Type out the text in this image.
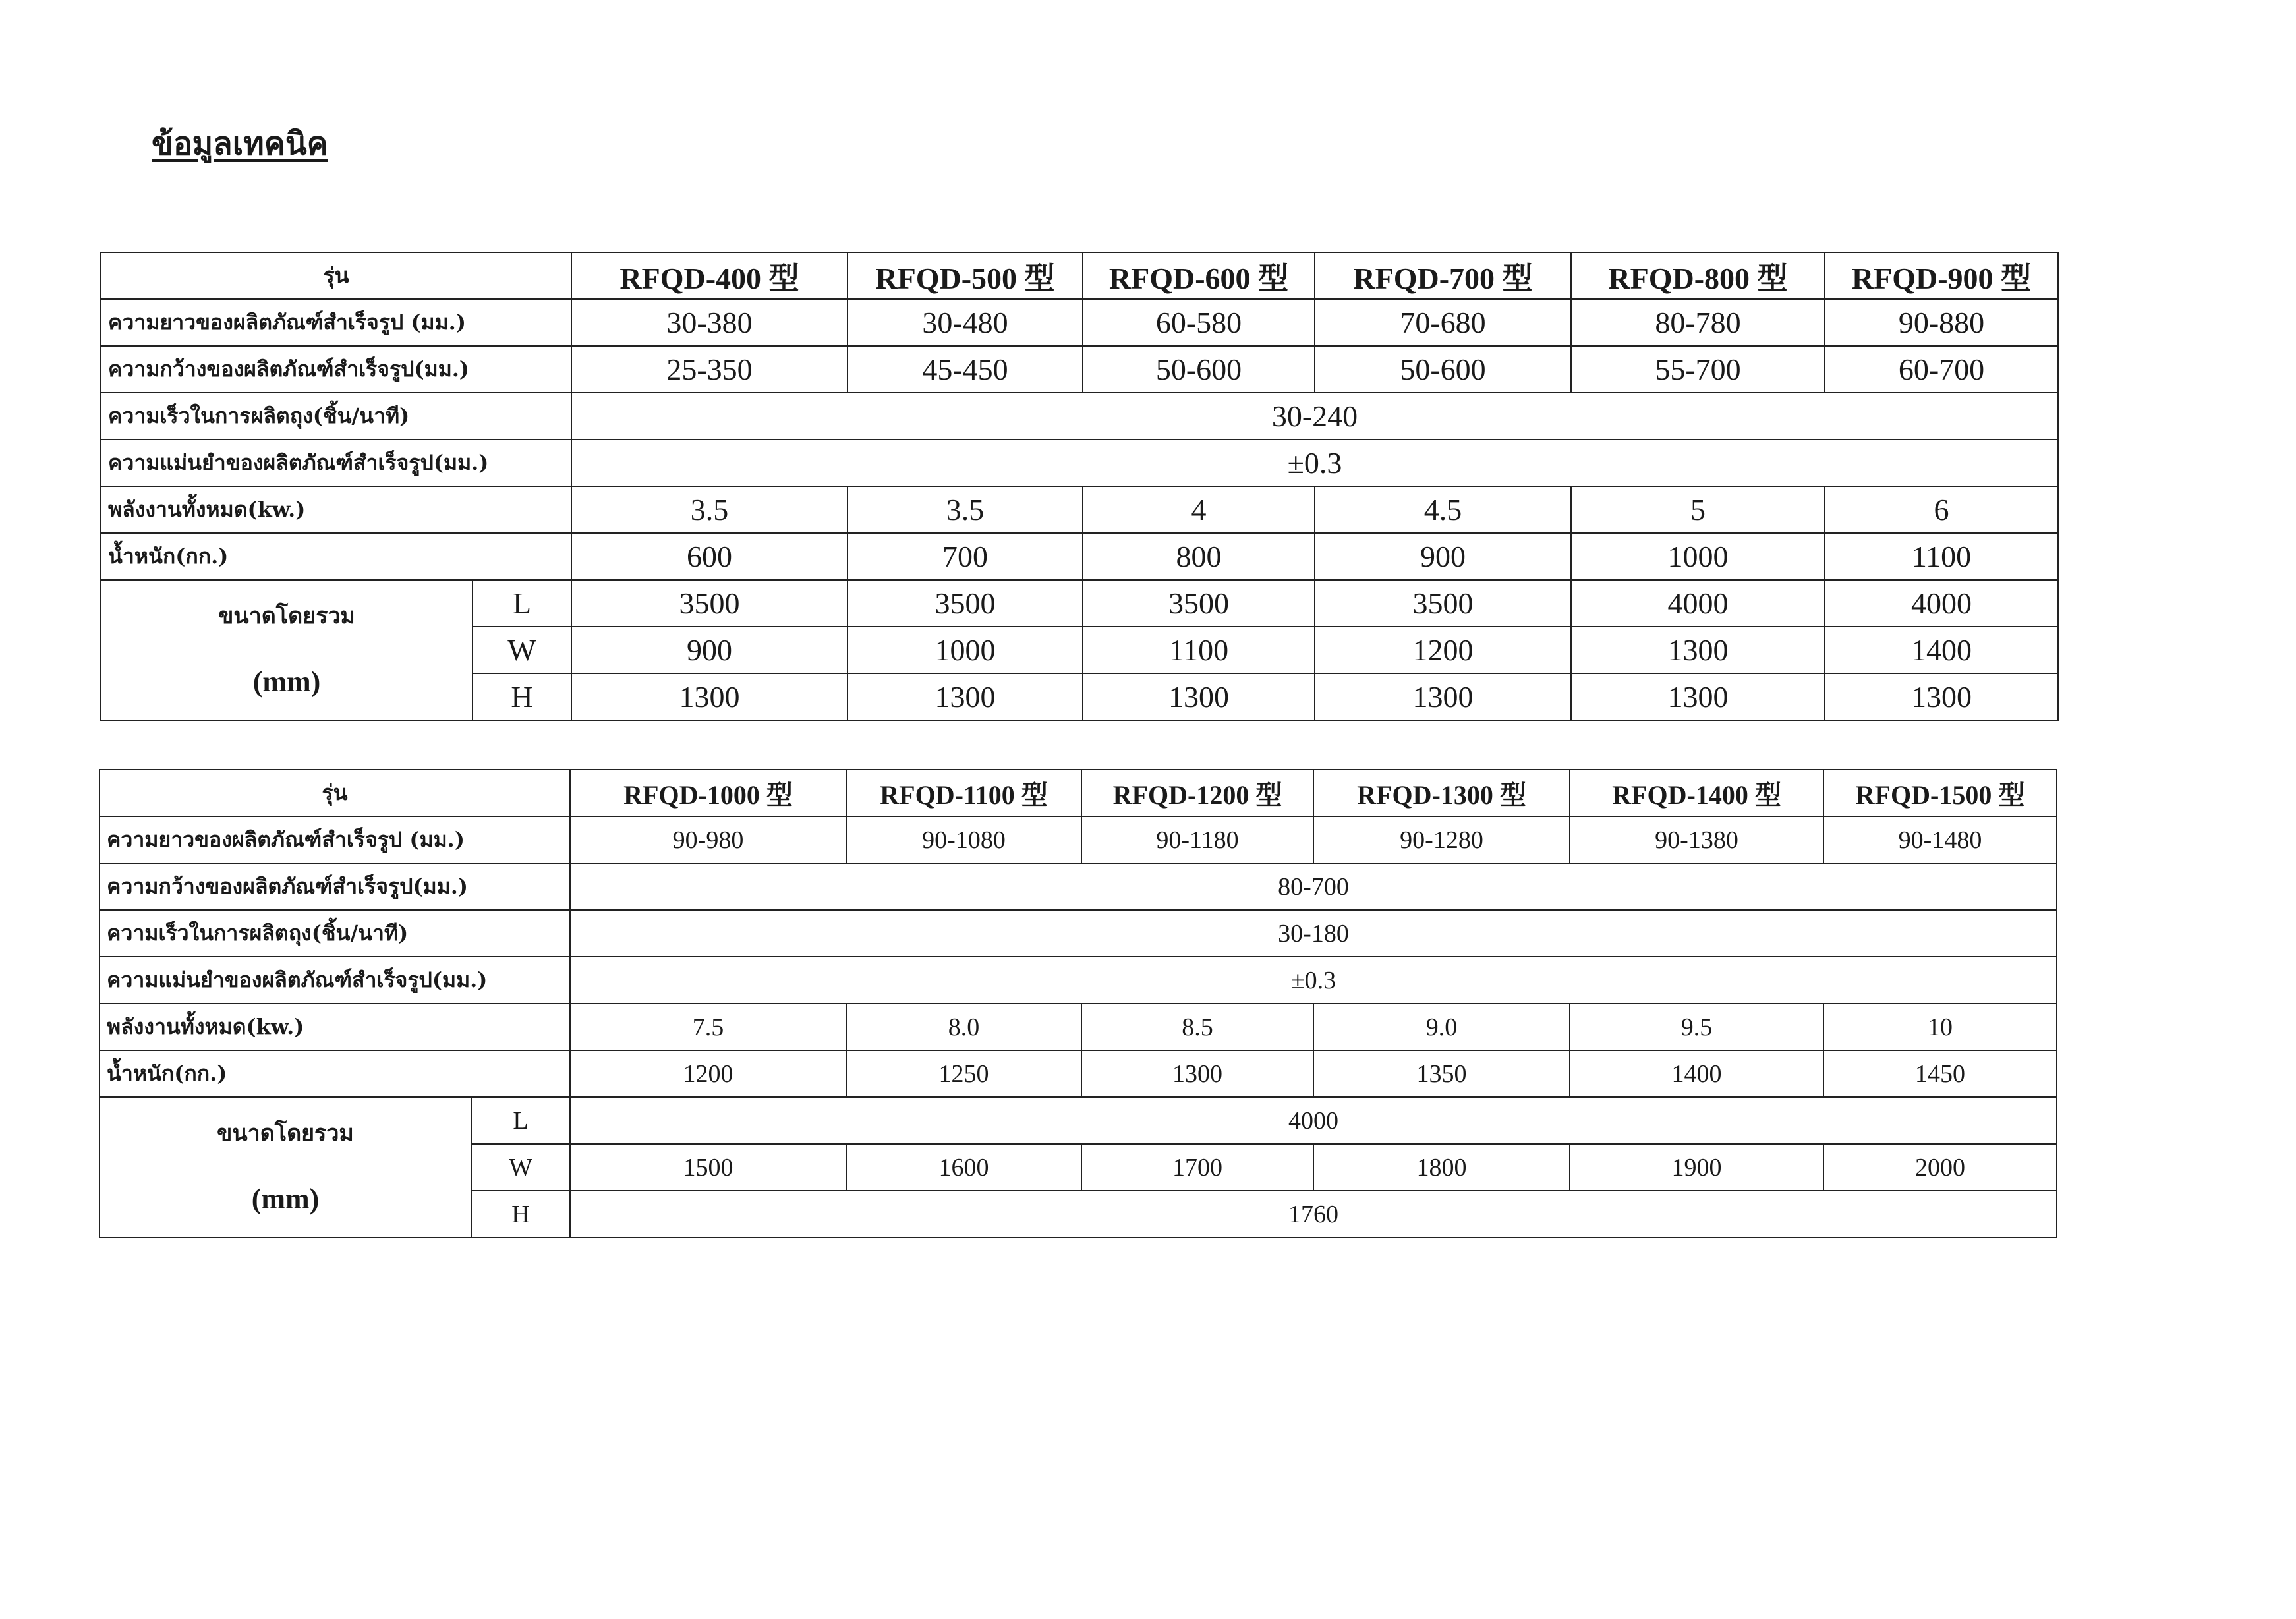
ข้อมูลเทคนิค
รุ่น		RFQD-400 型	RFQD-500 型	RFQD-600 型	RFQD-700 型	RFQD-800 型	RFQD-900 型
ความยาวของผลิตภัณฑ์สำเร็จรูป (มม.)		30-380	30-480	60-580	70-680	80-780	90-880
ความกว้างของผลิตภัณฑ์สำเร็จรูป(มม.)		25-350	45-450	50-600	50-600	55-700	60-700
ความเร็วในการผลิตถุง(ชิ้น/นาที)		30-240					
ความแม่นยำของผลิตภัณฑ์สำเร็จรูป(มม.)		±0.3					
พลังงานทั้งหมด(kw.)		3.5	3.5	4	4.5	5	6
น้ำหนัก(กก.)		600	700	800	900	1000	1100
ขนาดโดยรวม
(mm)	L	3500	3500	3500	3500	4000	4000
	W	900	1000	1100	1200	1300	1400
	H	1300	1300	1300	1300	1300	1300
รุ่น		RFQD-1000 型	RFQD-1100 型	RFQD-1200 型	RFQD-1300 型	RFQD-1400 型	RFQD-1500 型
ความยาวของผลิตภัณฑ์สำเร็จรูป (มม.)		90-980	90-1080	90-1180	90-1280	90-1380	90-1480
ความกว้างของผลิตภัณฑ์สำเร็จรูป(มม.)		80-700					
ความเร็วในการผลิตถุง(ชิ้น/นาที)		30-180					
ความแม่นยำของผลิตภัณฑ์สำเร็จรูป(มม.)		±0.3					
พลังงานทั้งหมด(kw.)		7.5	8.0	8.5	9.0	9.5	10
น้ำหนัก(กก.)		1200	1250	1300	1350	1400	1450
ขนาดโดยรวม
(mm)	L	4000					
	W	1500	1600	1700	1800	1900	2000
	H	1760					
